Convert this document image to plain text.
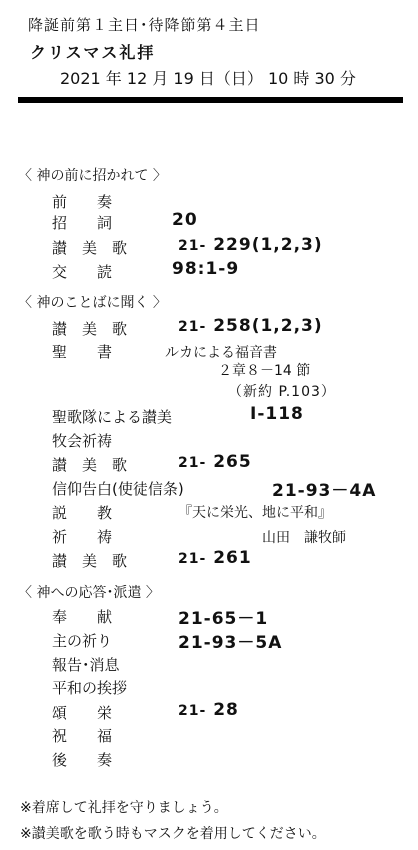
降誕前第１主日･待降節第４主日
クリスマス礼拝
2021 年 12 月 19 日（日） 10 時 30 分
〈 神の前に招かれて 〉
前　　奏
招　　詞	20
讃　美　歌	21- 229(1,2,3)
交　　読	98:1-9
〈 神のことばに聞く 〉
讃　美　歌	21- 258(1,2,3)
聖　　書	ルカによる福音書
２章８－14 節
（新約 P.103）
聖歌隊による讃美	I-118
牧会祈祷
讃　美　歌	21- 265
信仰告白(使徒信条)	21-93－4A
説　　教	『天に栄光、地に平和』
祈　　祷	山田　謙牧師
讃　美　歌	21- 261
〈 神への応答･派遣 〉
奉　　献	21-65－1
主の祈り	21-93－5A
報告･消息
平和の挨拶
頌　　栄	21- 28
祝　　福
後　　奏
※着席して礼拝を守りましょう。
※讃美歌を歌う時もマスクを着用してください。
